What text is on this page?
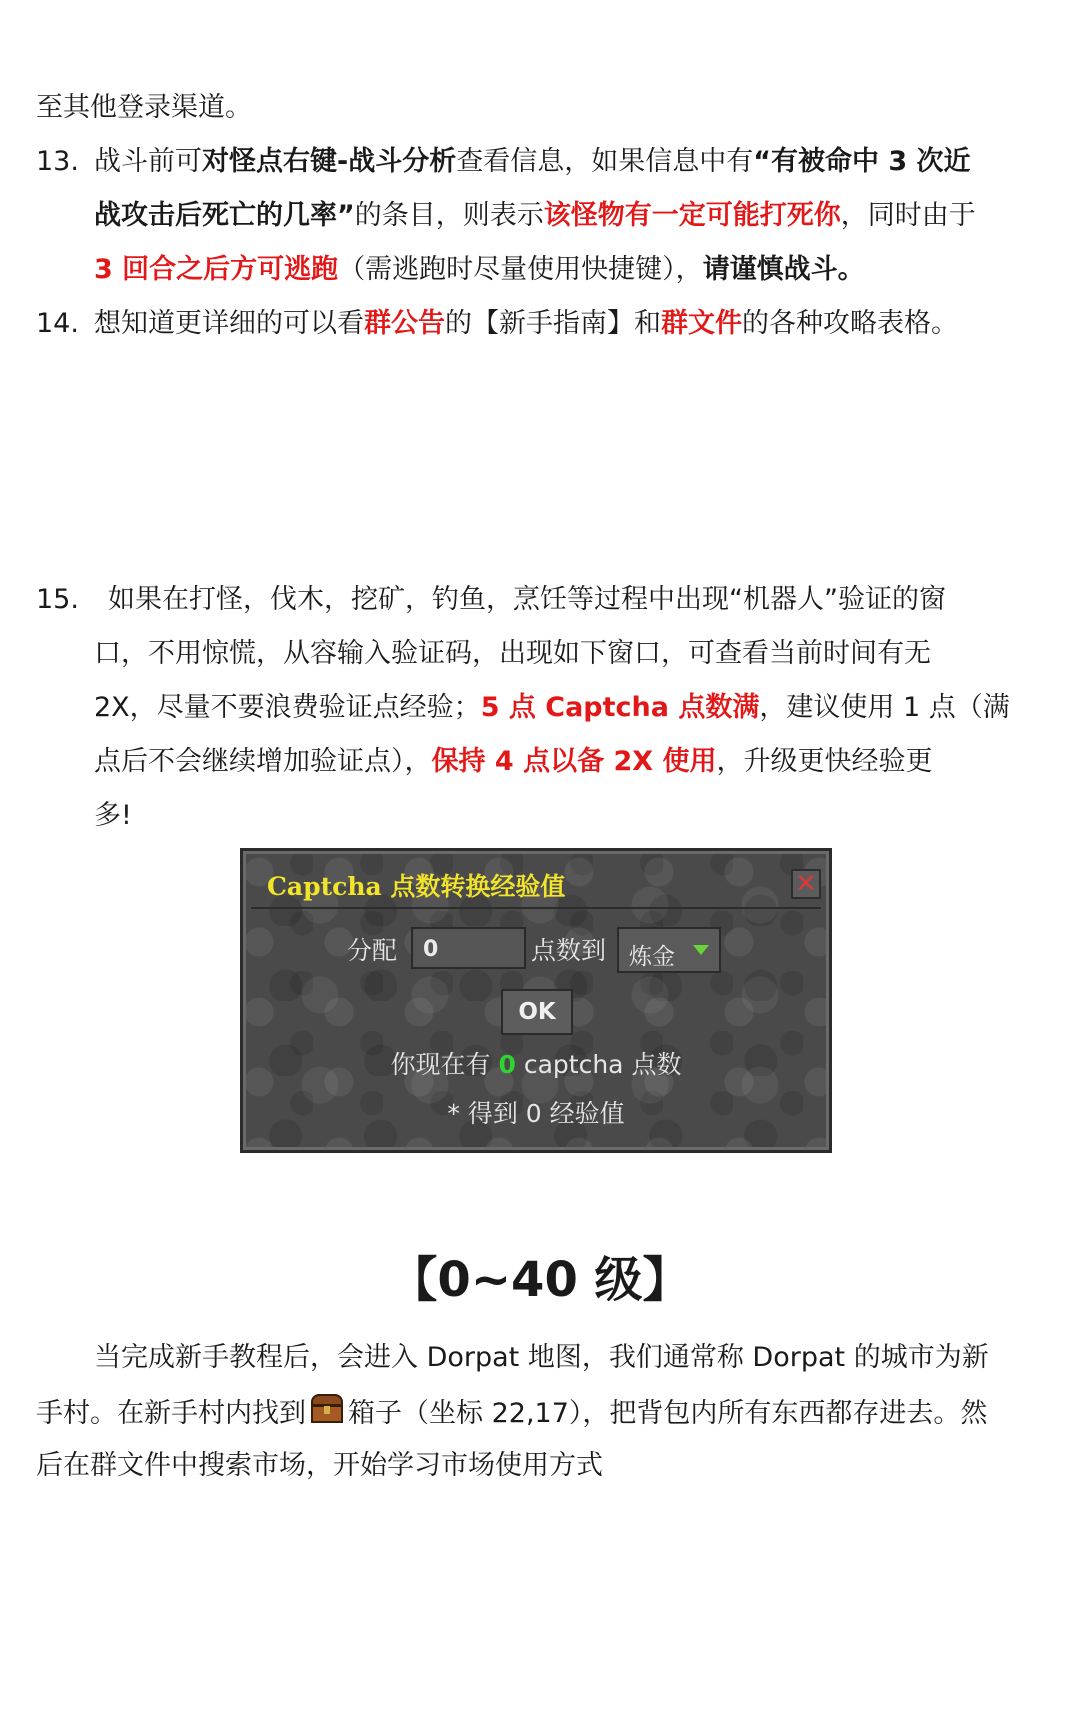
至其他登录渠道。
13. 战斗前可对怪点右键-战斗分析查看信息，如果信息中有“有被命中 3 次近
战攻击后死亡的几率”的条目，则表示该怪物有一定可能打死你，同时由于
3 回合之后方可逃跑（需逃跑时尽量使用快捷键），请谨慎战斗。
14. 想知道更详细的可以看群公告的【新手指南】和群文件的各种攻略表格。
15. 如果在打怪，伐木，挖矿，钓鱼，烹饪等过程中出现“机器人”验证的窗
口，不用惊慌，从容输入验证码，出现如下窗口，可查看当前时间有无
2X，尽量不要浪费验证点经验；5 点 Captcha 点数满，建议使用 1 点（满
点后不会继续增加验证点），保持 4 点以备 2X 使用，升级更快经验更
多!
Captcha 点数转换经验值	✕
分配	0	点数到 炼金
OK
你现在有 0 captcha 点数
* 得到 0 经验值
【0~40 级】
当完成新手教程后，会进入 Dorpat 地图，我们通常称 Dorpat 的城市为新
手村。在新手村内找到 箱子（坐标 22,17），把背包内所有东西都存进去。然
后在群文件中搜索市场，开始学习市场使用方式
